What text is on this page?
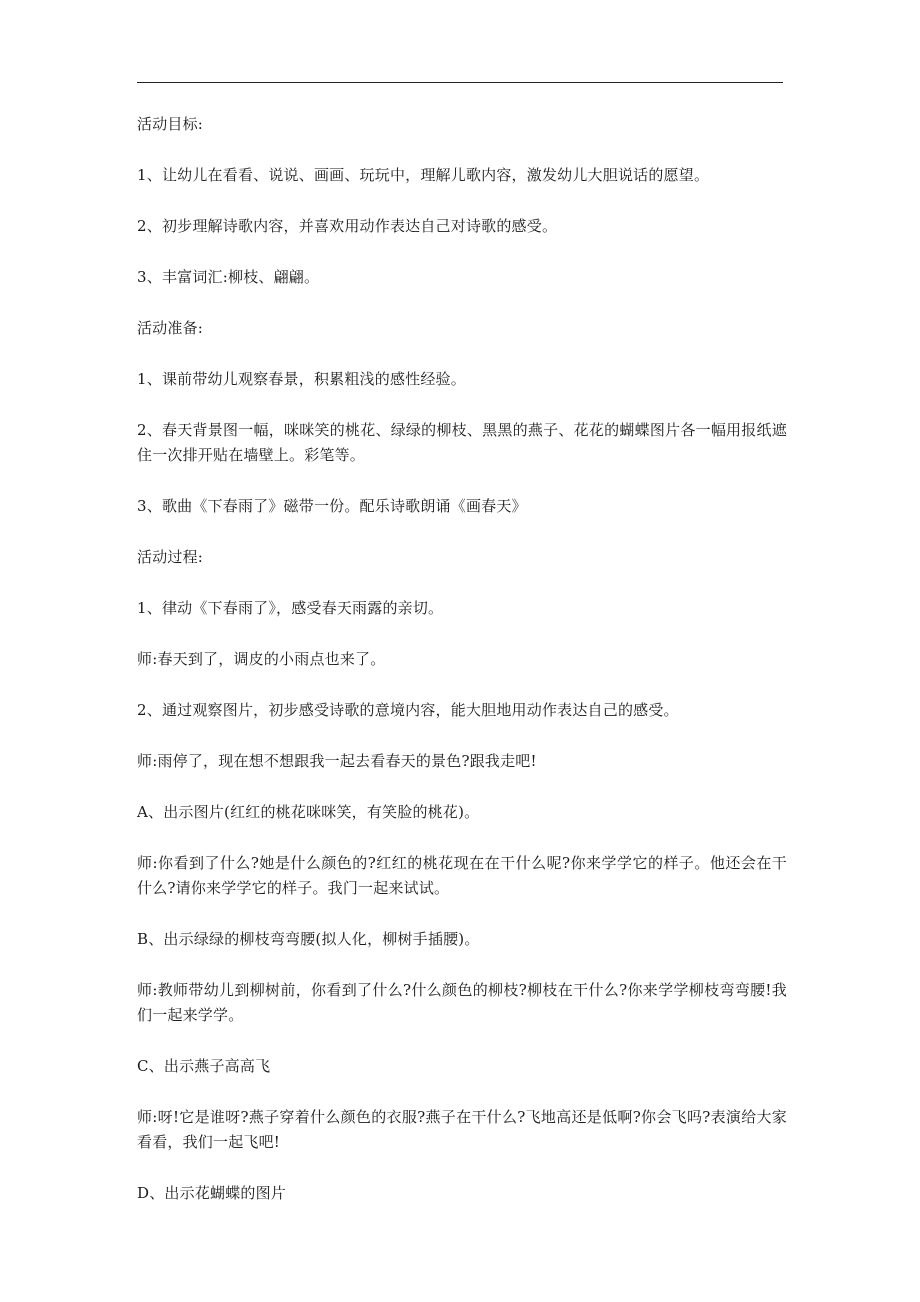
活动目标:

1、让幼儿在看看、说说、画画、玩玩中，理解儿歌内容，激发幼儿大胆说话的愿望。

2、初步理解诗歌内容，并喜欢用动作表达自己对诗歌的感受。

3、丰富词汇:柳枝、翩翩。

活动准备:

1、课前带幼儿观察春景，积累粗浅的感性经验。

2、春天背景图一幅，咪咪笑的桃花、绿绿的柳枝、黑黑的燕子、花花的蝴蝶图片各一幅用报纸遮住一次排开贴在墙壁上。彩笔等。

3、歌曲《下春雨了》磁带一份。配乐诗歌朗诵《画春天》

活动过程:

1、律动《下春雨了》，感受春天雨露的亲切。

师:春天到了，调皮的小雨点也来了。

2、通过观察图片，初步感受诗歌的意境内容，能大胆地用动作表达自己的感受。

师:雨停了，现在想不想跟我一起去看春天的景色?跟我走吧!

A、出示图片(红红的桃花咪咪笑，有笑脸的桃花)。

师:你看到了什么?她是什么颜色的?红红的桃花现在在干什么呢?你来学学它的样子。他还会在干什么?请你来学学它的样子。我门一起来试试。

B、出示绿绿的柳枝弯弯腰(拟人化，柳树手插腰)。

师:教师带幼儿到柳树前，你看到了什么?什么颜色的柳枝?柳枝在干什么?你来学学柳枝弯弯腰!我们一起来学学。

C、出示燕子高高飞

师:呀!它是谁呀?燕子穿着什么颜色的衣服?燕子在干什么?飞地高还是低啊?你会飞吗?表演给大家看看，我们一起飞吧!

D、出示花蝴蝶的图片
